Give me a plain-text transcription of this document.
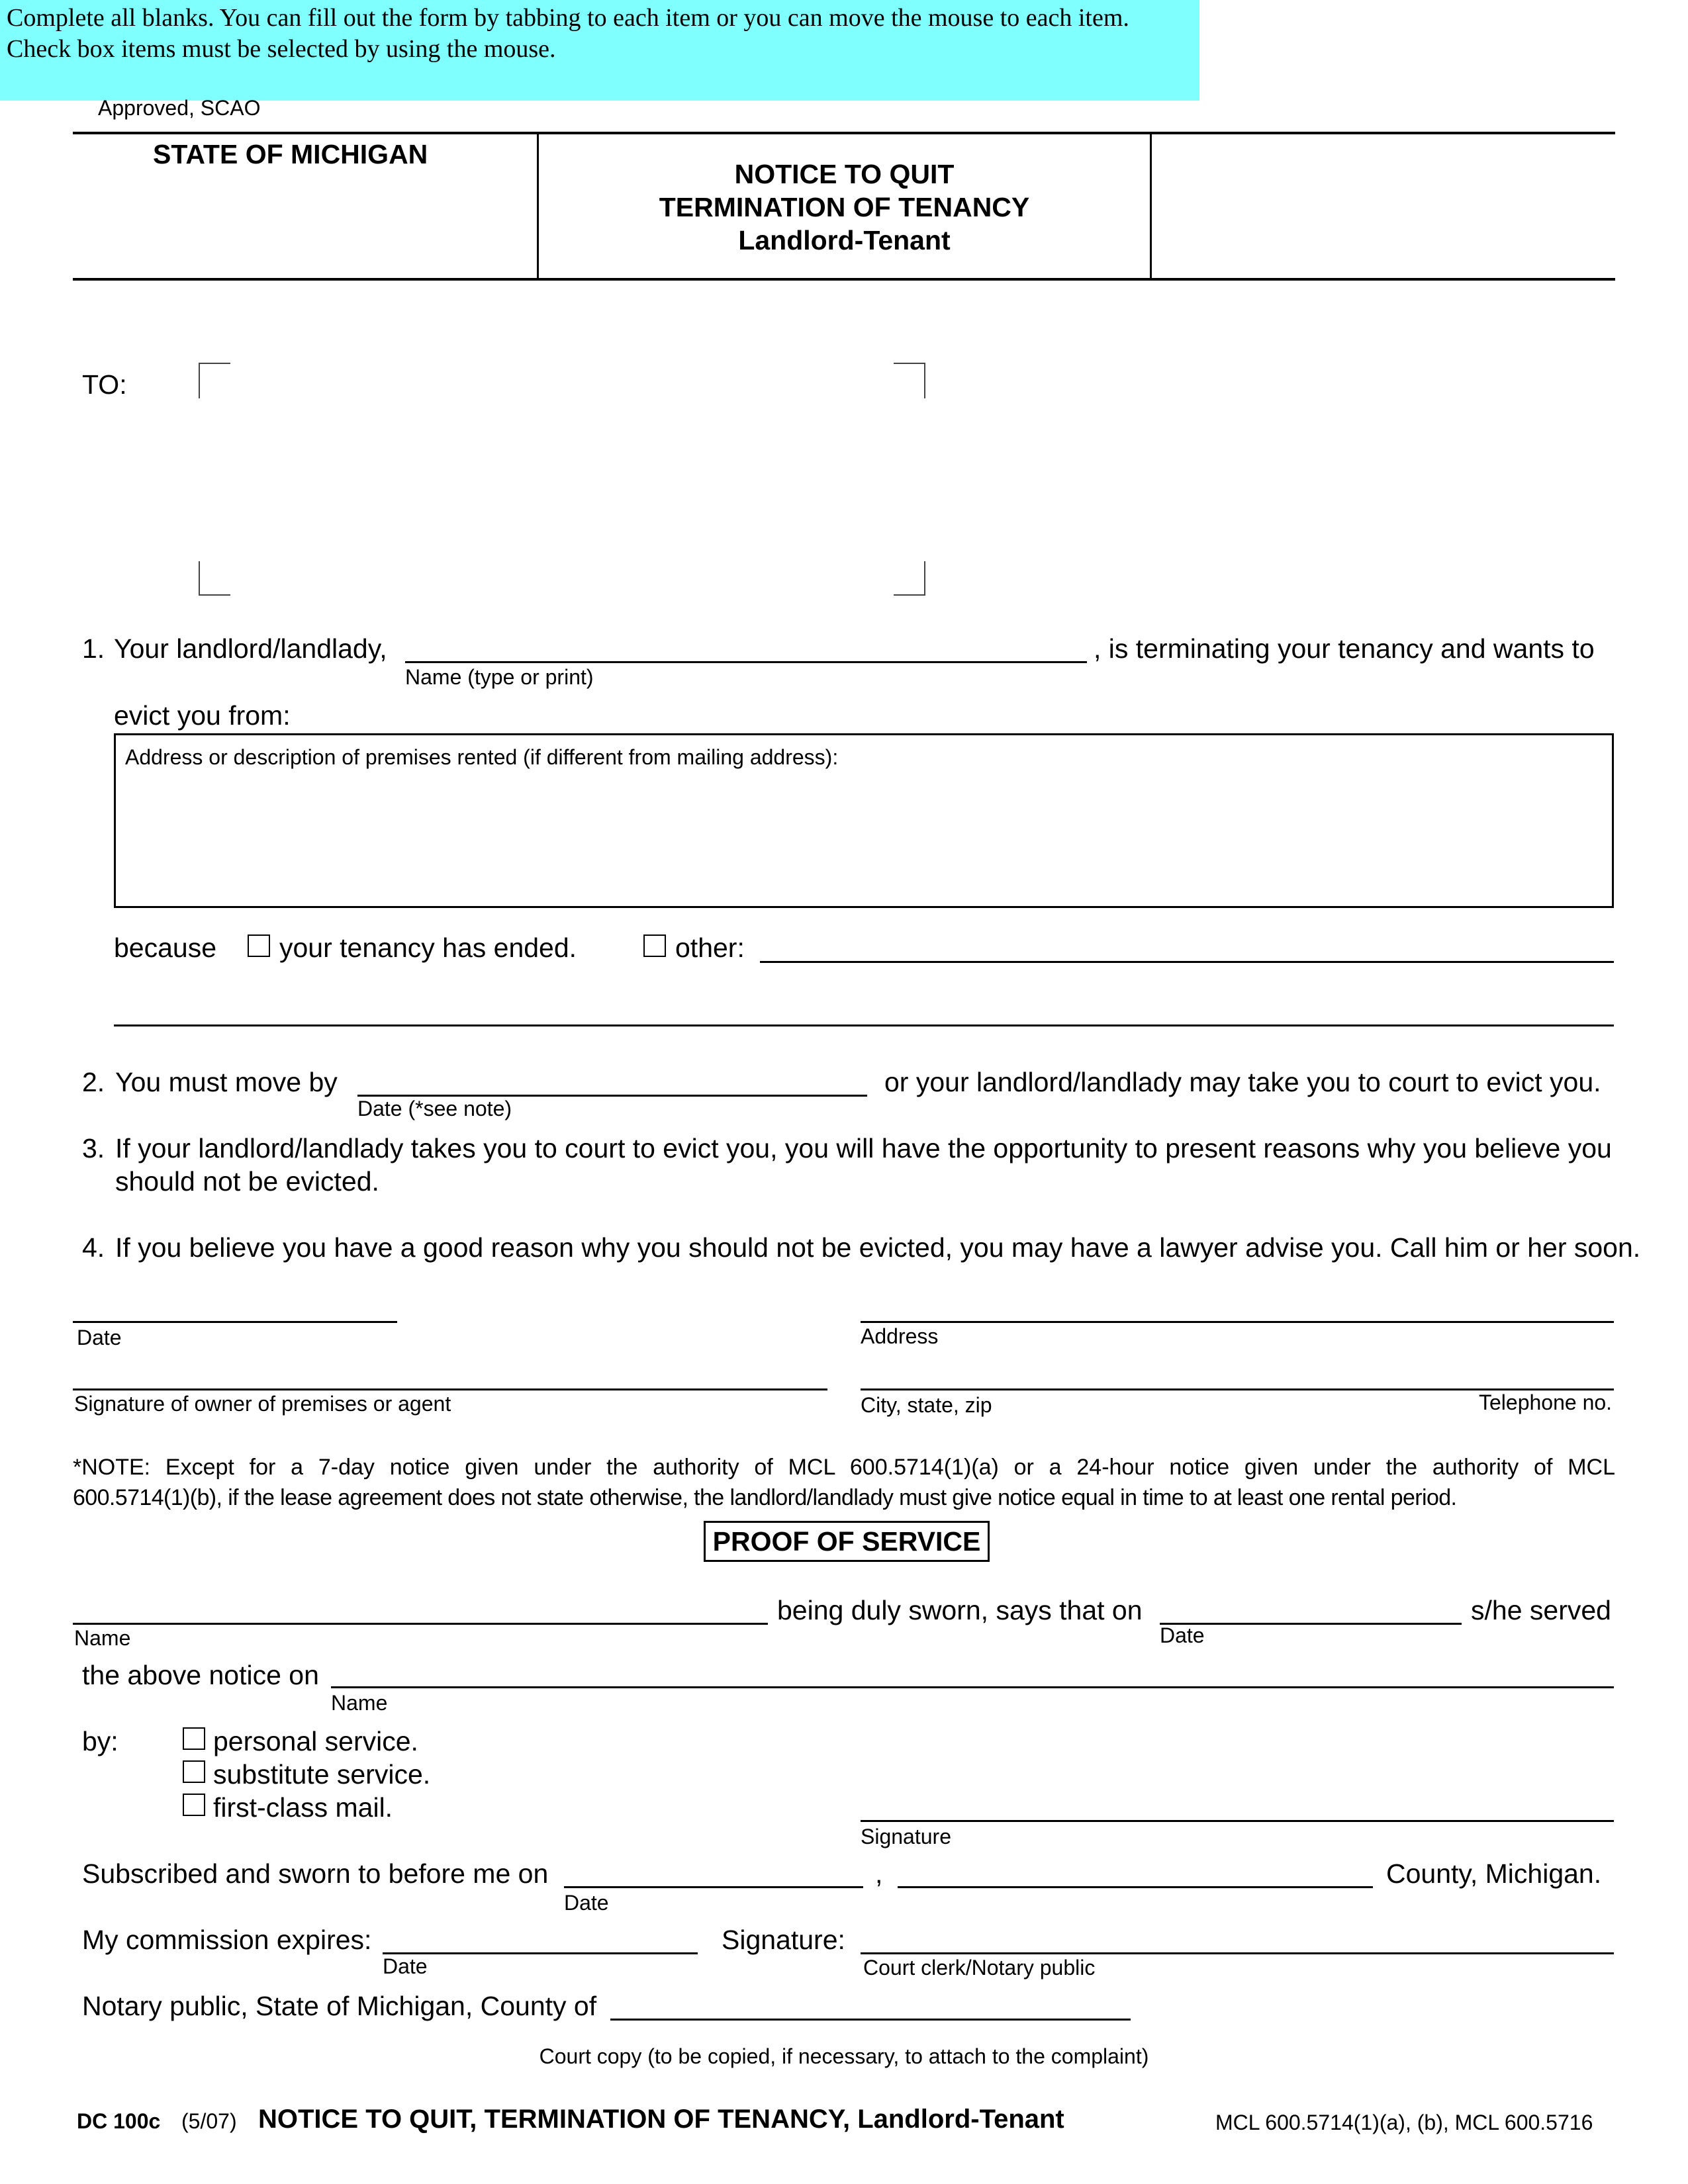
Complete all blanks. You can fill out the form by tabbing to each item or you can move the mouse to each item. Check box items must be selected by using the mouse.
Approved, SCAO
STATE OF MICHIGAN
NOTICE TO QUIT
TERMINATION OF TENANCY
Landlord-Tenant
TO:
1. Your landlord/landlady,	, is terminating your tenancy and wants to
Name (type or print)
evict you from:
Address or description of premises rented (if different from mailing address):
because your tenancy has ended.	other:
2. You must move by	or your landlord/landlady may take you to court to evict you.
Date (*see note)
3. If your landlord/landlady takes you to court to evict you, you will have the opportunity to present reasons why you believe you
should not be evicted.
4. If you believe you have a good reason why you should not be evicted, you may have a lawyer advise you. Call him or her soon.
Date	Address
Signature of owner of premises or agent	City, state, zip	Telephone no.
*NOTE: Except for a 7-day notice given under the authority of MCL 600.5714(1)(a) or a 24-hour notice given under the authority of MCL
600.5714(1)(b), if the lease agreement does not state otherwise, the landlord/landlady must give notice equal in time to at least one rental period.
PROOF OF SERVICE
Name
being duly sworn, says that on
Date
s/he served
the above notice on
Name
by:	personal service.
substitute service.
first-class mail.
Signature
Subscribed and sworn to before me on	,	County, Michigan.
Date
My commission expires:
Date
Signature:
Court clerk/Notary public
Notary public, State of Michigan, County of
Court copy (to be copied, if necessary, to attach to the complaint)
DC 100c (5/07) NOTICE TO QUIT, TERMINATION OF TENANCY, Landlord-Tenant	MCL 600.5714(1)(a), (b), MCL 600.5716
